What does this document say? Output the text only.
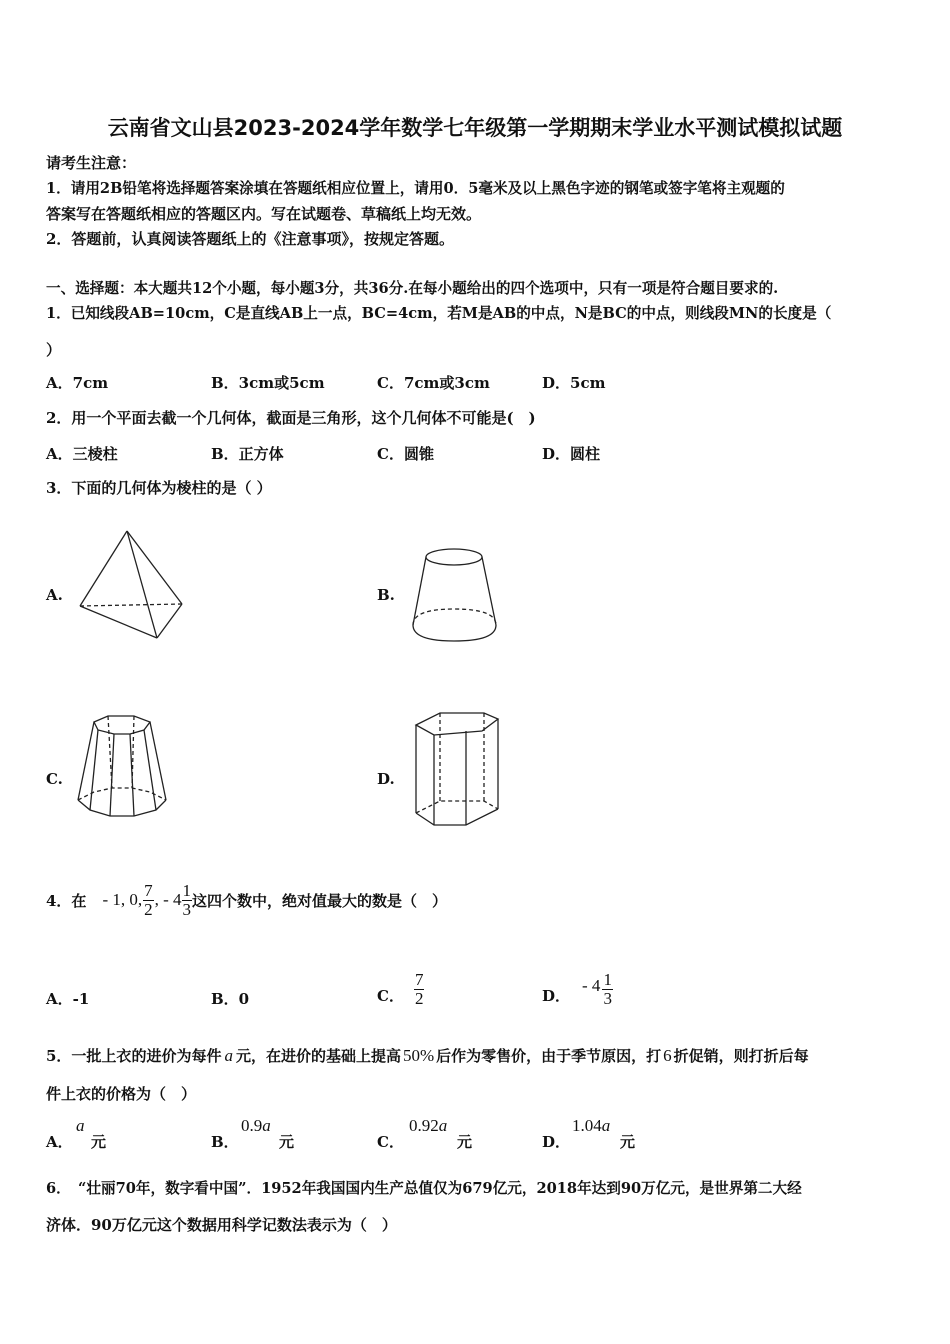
云南省文山县2023-2024学年数学七年级第一学期期末学业水平测试模拟试题
请考生注意：
1．请用2B铅笔将选择题答案涂填在答题纸相应位置上，请用0．5毫米及以上黑色字迹的钢笔或签字笔将主观题的
答案写在答题纸相应的答题区内。写在试题卷、草稿纸上均无效。
2．答题前，认真阅读答题纸上的《注意事项》，按规定答题。
一、选择题：本大题共12个小题，每小题3分，共36分.在每小题给出的四个选项中，只有一项是符合题目要求的.
1．已知线段AB=10cm，C是直线AB上一点，BC=4cm，若M是AB的中点，N是BC的中点，则线段MN的长度是（
）
A．7cm	B．3cm或5cm	C．7cm或3cm	D．5cm
2．用一个平面去截一个几何体，截面是三角形，这个几何体不可能是(　)
A．三棱柱	B．正方体	C．圆锥	D．圆柱
3．下面的几何体为棱柱的是（ ）
A.	B.
C.	D.
4．在 - 1, 0, $\frac{7}{2}$ , - $4 \frac{1}{3}$ 这四个数中，绝对值最大的数是（　）
A．-1	B．0	C． $\frac{7}{2}$	D．
- $4 \frac{1}{3}$
5．一批上衣的进价为每件 a 元，在进价的基础上提高 50% 后作为零售价，由于季节原因，打 6 折促销，则打折后每
件上衣的价格为（　）
A．
a
元	B．
0.9a
元	C．
0.92a
元	D．
1.04a
元
6．　“壮丽70年，数字看中国”．1952年我国国内生产总值仅为679亿元，2018年达到90万亿元，是世界第二大经
济体．90万亿元这个数据用科学记数法表示为（　）
